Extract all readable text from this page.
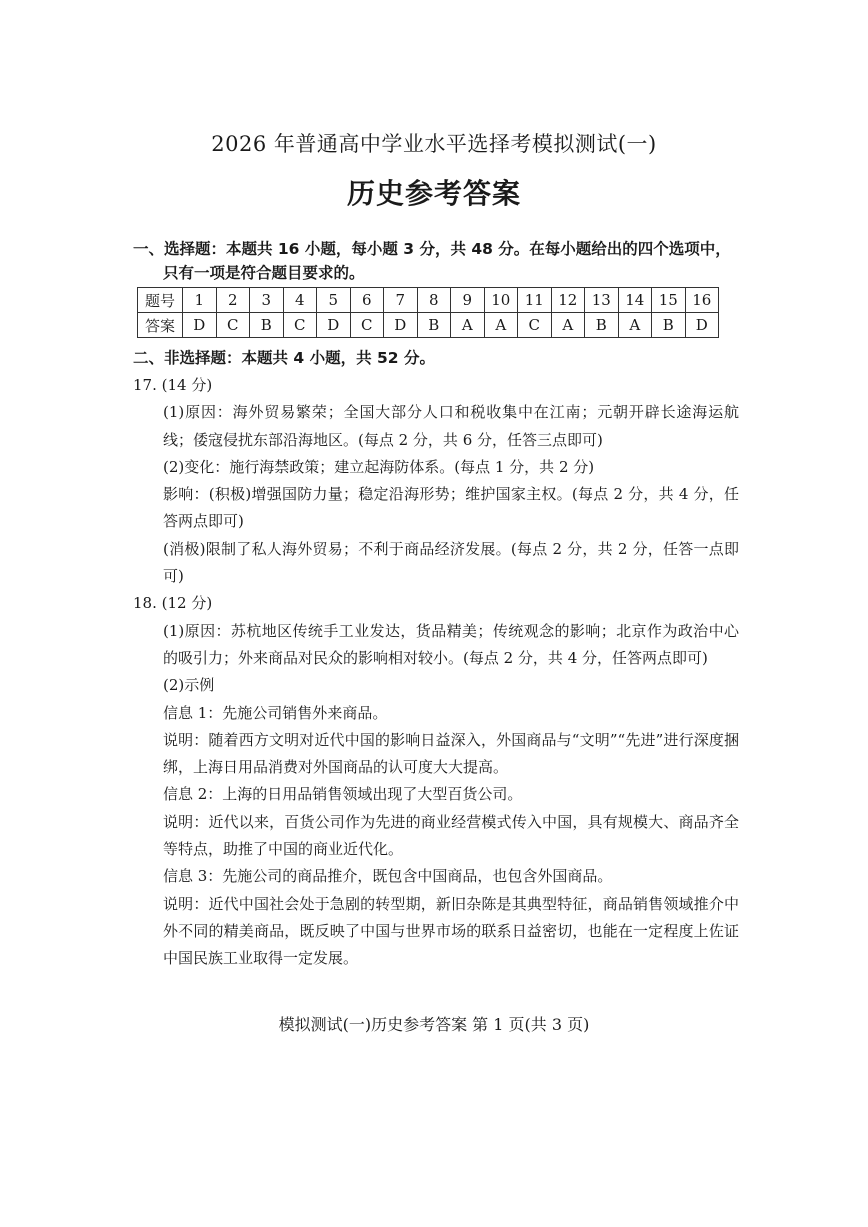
2026 年普通高中学业水平选择考模拟测试(一)
历史参考答案
一、选择题：本题共 16 小题，每小题 3 分，共 48 分。在每小题给出的四个选项中，
只有一项是符合题目要求的。
题号	1	2	3	4	5	6	7	8	9	10	11	12	13	14	15	16
答案	D	C	B	C	D	C	D	B	A	A	C	A	B	A	B	D
二、非选择题：本题共 4 小题，共 52 分。

17. (14 分)

(1)原因：海外贸易繁荣；全国大部分人口和税收集中在江南；元朝开辟长途海运航线；倭寇侵扰东部沿海地区。(每点 2 分，共 6 分，任答三点即可)

(2)变化：施行海禁政策；建立起海防体系。(每点 1 分，共 2 分)

影响：(积极)增强国防力量；稳定沿海形势；维护国家主权。(每点 2 分，共 4 分，任答两点即可)

(消极)限制了私人海外贸易；不利于商品经济发展。(每点 2 分，共 2 分，任答一点即可)

18. (12 分)

(1)原因：苏杭地区传统手工业发达，货品精美；传统观念的影响；北京作为政治中心的吸引力；外来商品对民众的影响相对较小。(每点 2 分，共 4 分，任答两点即可)

(2)示例

信息 1：先施公司销售外来商品。

说明：随着西方文明对近代中国的影响日益深入，外国商品与“文明”“先进”进行深度捆绑，上海日用品消费对外国商品的认可度大大提高。

信息 2：上海的日用品销售领域出现了大型百货公司。

说明：近代以来，百货公司作为先进的商业经营模式传入中国，具有规模大、商品齐全等特点，助推了中国的商业近代化。

信息 3：先施公司的商品推介，既包含中国商品，也包含外国商品。

说明：近代中国社会处于急剧的转型期，新旧杂陈是其典型特征，商品销售领域推介中外不同的精美商品，既反映了中国与世界市场的联系日益密切，也能在一定程度上佐证中国民族工业取得一定发展。

模拟测试(一)历史参考答案 第 1 页(共 3 页)
